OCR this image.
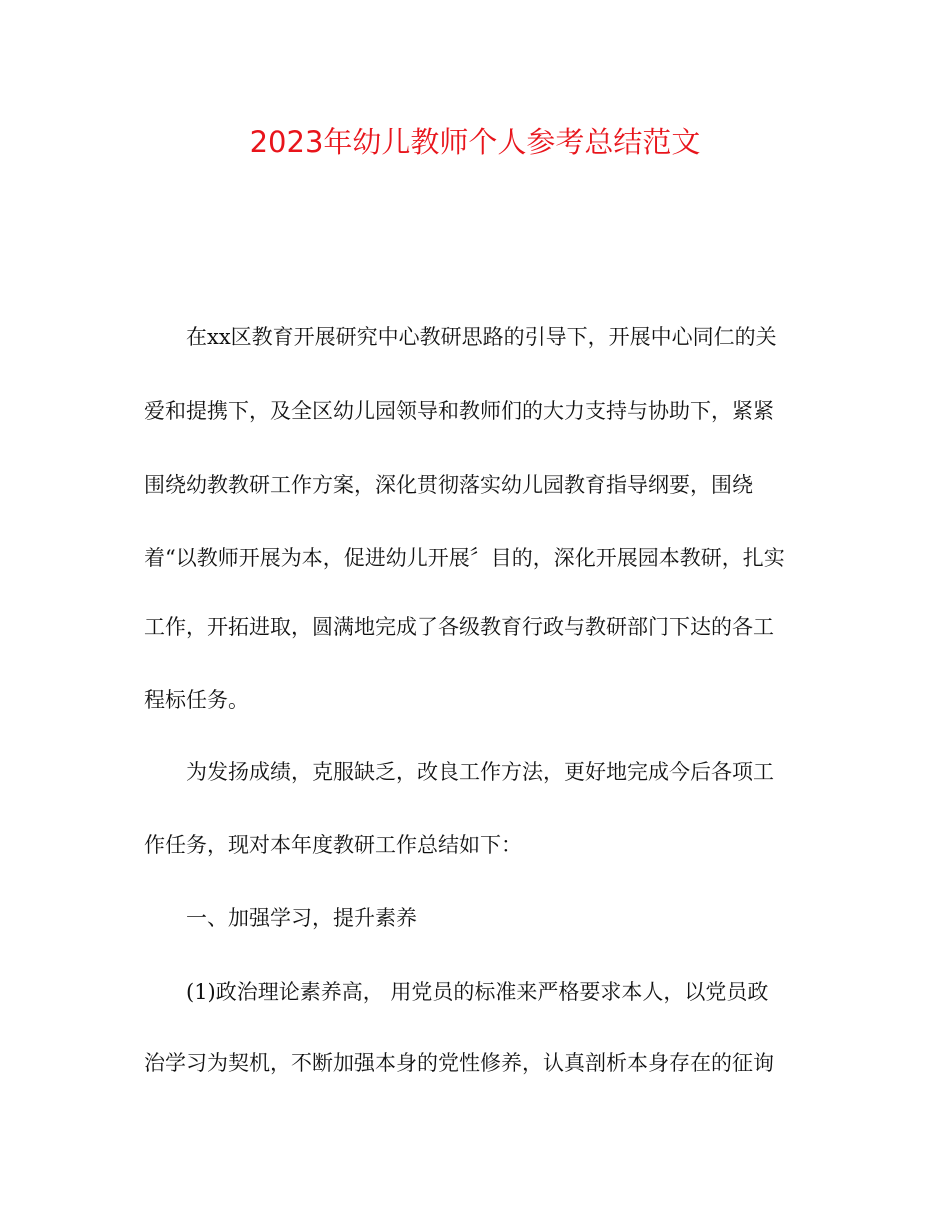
2023年幼儿教师个人参考总结范文
在xx区教育开展研究中心教研思路的引导下，开展中心同仁的关
爱和提携下，及全区幼儿园领导和教师们的大力支持与协助下，紧紧
围绕幼教教研工作方案，深化贯彻落实幼儿园教育指导纲要，围绕
着“以教师开展为本，促进幼儿开展〞目的，深化开展园本教研，扎实
工作，开拓进取，圆满地完成了各级教育行政与教研部门下达的各工
程标任务。
为发扬成绩，克服缺乏，改良工作方法，更好地完成今后各项工
作任务，现对本年度教研工作总结如下：
一、加强学习，提升素养
(1)政治理论素养高， 用党员的标准来严格要求本人，以党员政
治学习为契机，不断加强本身的党性修养，认真剖析本身存在的征询
